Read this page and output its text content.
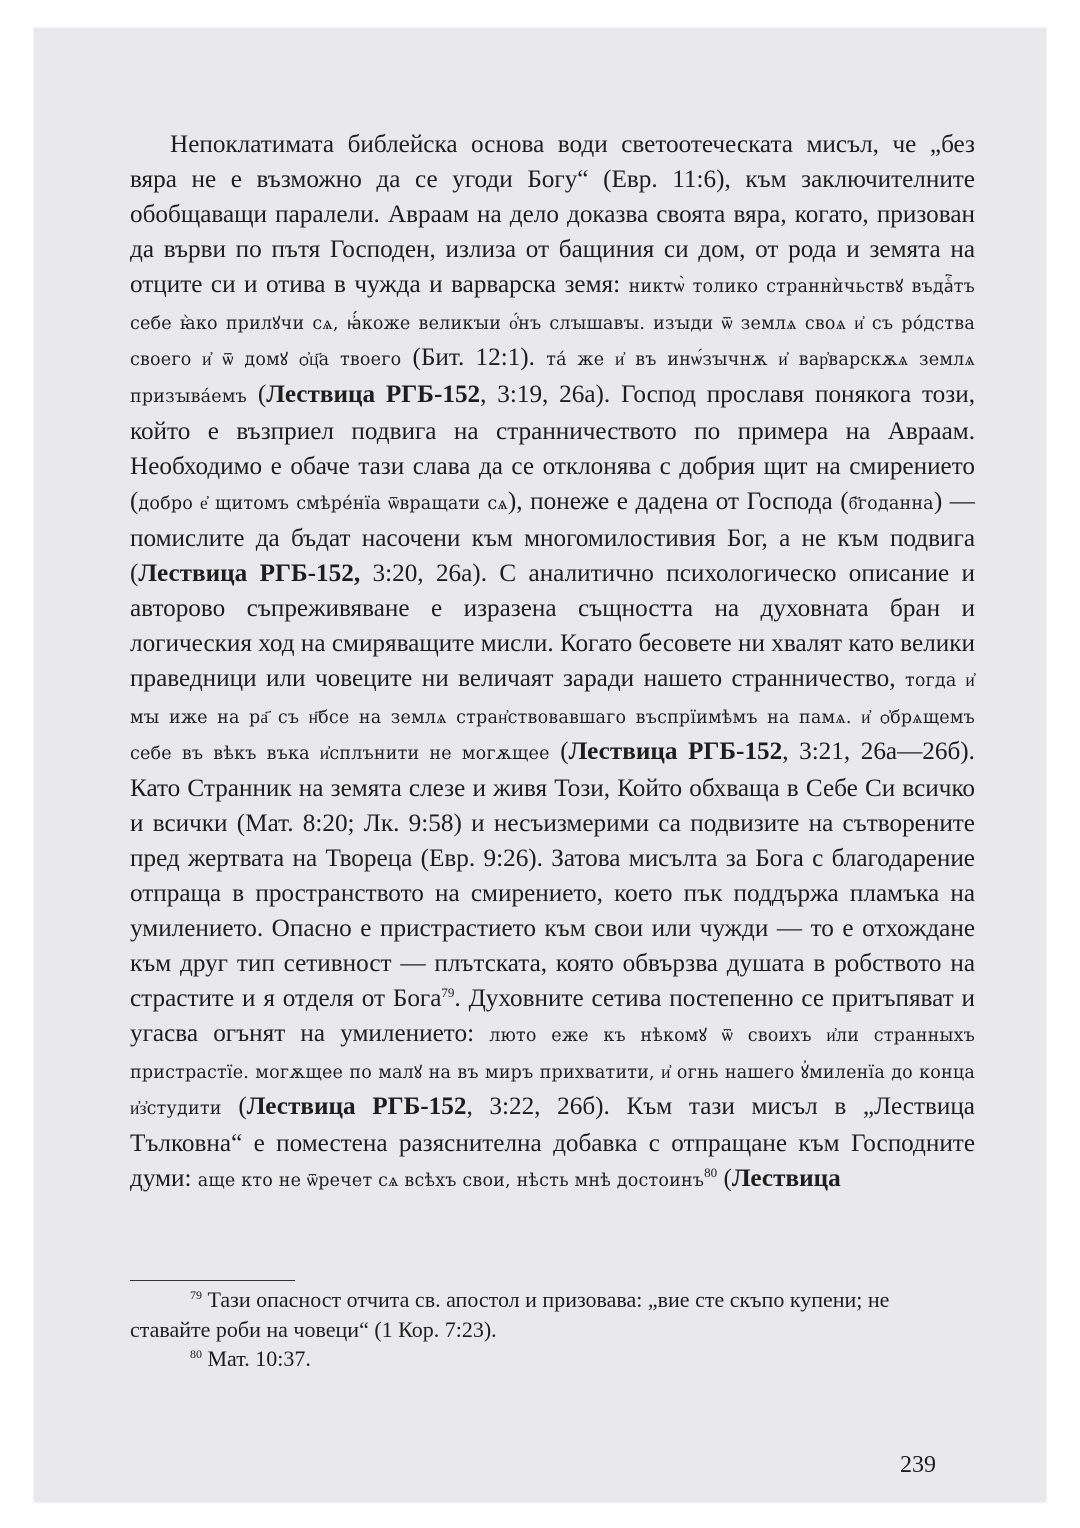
Непоклатимата библейска основа води светоотеческата мисъл, че „без вяра не е възможно да се угоди Богу“ (Евр. 11:6), към заключителните обобщаващи паралели. Авраам на дело доказва своята вяра, когато, призован да върви по пътя Господен, излиза от бащиния си дом, от рода и земята на отците си и отива в чужда и варварска земя: никтѡ̀ толико страннѝчьствꙋ въдаⷭ҇тъ себе ꙗ̀ко прилꙋчи сѧ, ꙗ҆́коже великꙑи о҆́нъ слꙑшавꙑ. изꙑди ѿ землѧ своѧ и҆ съ ро́дства своего и҆ ѿ домꙋ ѻ҆ц҃а твоего (Бит. 12:1). та́ же и҆ въ инѡ́зꙑчнѫ и҆ вар҆варскѫѧ землѧ призꙑва́емъ (Лествица РГБ-152, 3:19, 26а). Господ прославя понякога този, който е възприел подвига на странничеството по примера на Авраам. Необходимо е обаче тази слава да се отклонява с добрия щит на смирението (добро е҆ щитомъ смѣре́нїа ѿвращати сѧ), понеже е дадена от Господа (б҃годанна) — помислите да бъдат насочени към многомилостивия Бог, а не към подвига (Лествица РГБ-152, 3:20, 26а). С аналитично психологическо описание и авторово съпреживяване е изразена същността на духовната бран и логическия ход на смиряващите мисли. Когато бесовете ни хвалят като велики праведници или човеците ни величаят заради нашето странничество, тогда и҆ мꙑ иже на ра҃ съ н҃бсе на землѧ стран҆ствовавшаго въспрїимѣмъ на памѧ. и҆ ѻ҆брѧщемъ себе въ вѣкъ въка и҆сплънити не могѫщее (Лествица РГБ-152, 3:21, 26а—26б). Като Странник на земята слезе и живя Този, Който обхваща в Себе Си всичко и всички (Мат. 8:20; Лк. 9:58) и несъизмерими са подвизите на сътворените пред жертвата на Твореца (Евр. 9:26). Затова мисълта за Бога с благодарение отпраща в пространството на смирението, което пък поддържа пламъка на умилението. Опасно е пристрастието към свои или чужди — то е отхождане към друг тип сетивност — плътската, която обвързва душата в робството на страстите и я отделя от Бога$^{79}$. Духовните сетива постепенно се притъпяват и угасва огънят на умилението: люто еже къ нѣкомꙋ ѿ своихъ и҆ли странныхъ пристрастїе. могѫщее по малꙋ на въ миръ прихватити, и҆ огнь нашего ꙋ҆миленїа до конца и҆з҆студити (Лествица РГБ-152, 3:22, 26б). Към тази мисъл в „Лествица Тълковна“ е поместена разяснителна добавка с отпращане към Господните думи: аще кто не ѿречет сѧ всѣхъ свои, нѣсть мнѣ достоинъ$^{80}$ (Лествица

$^{79}$ Тази опасност отчита св. апостол и призовава: „вие сте скъпо купени; не ставайте роби на човеци“ (1 Кор. 7:23).

$^{80}$ Мат. 10:37.

239
